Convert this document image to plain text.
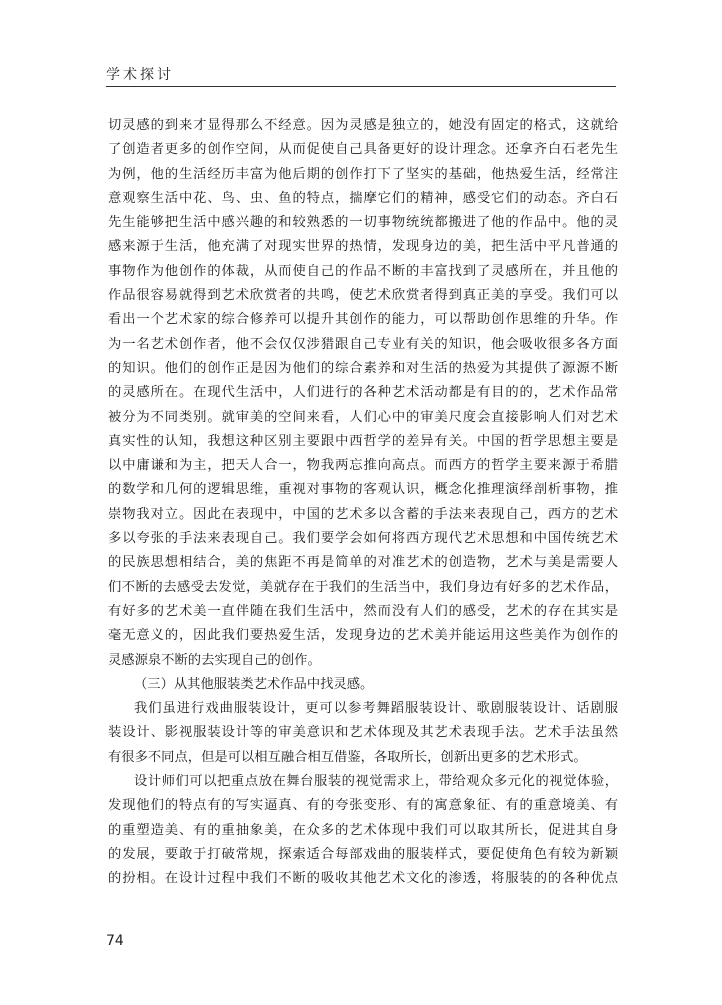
学术探讨
切灵感的到来才显得那么不经意。因为灵感是独立的，她没有固定的格式，这就给
了创造者更多的创作空间，从而促使自己具备更好的设计理念。还拿齐白石老先生
为例，他的生活经历丰富为他后期的创作打下了坚实的基础，他热爱生活，经常注
意观察生活中花、鸟、虫、鱼的特点，揣摩它们的精神，感受它们的动态。齐白石
先生能够把生活中感兴趣的和较熟悉的一切事物统统都搬进了他的作品中。他的灵
感来源于生活，他充满了对现实世界的热情，发现身边的美，把生活中平凡普通的
事物作为他创作的体裁，从而使自己的作品不断的丰富找到了灵感所在，并且他的
作品很容易就得到艺术欣赏者的共鸣，使艺术欣赏者得到真正美的享受。我们可以
看出一个艺术家的综合修养可以提升其创作的能力，可以帮助创作思维的升华。作
为一名艺术创作者，他不会仅仅涉猎跟自己专业有关的知识，他会吸收很多各方面
的知识。他们的创作正是因为他们的综合素养和对生活的热爱为其提供了源源不断
的灵感所在。在现代生活中，人们进行的各种艺术活动都是有目的的，艺术作品常
被分为不同类别。就审美的空间来看，人们心中的审美尺度会直接影响人们对艺术
真实性的认知，我想这种区别主要跟中西哲学的差异有关。中国的哲学思想主要是
以中庸谦和为主，把天人合一，物我两忘推向高点。而西方的哲学主要来源于希腊
的数学和几何的逻辑思维，重视对事物的客观认识，概念化推理演绎剖析事物，推
崇物我对立。因此在表现中，中国的艺术多以含蓄的手法来表现自己，西方的艺术
多以夸张的手法来表现自己。我们要学会如何将西方现代艺术思想和中国传统艺术
的民族思想相结合，美的焦距不再是简单的对准艺术的创造物，艺术与美是需要人
们不断的去感受去发觉，美就存在于我们的生活当中，我们身边有好多的艺术作品，
有好多的艺术美一直伴随在我们生活中，然而没有人们的感受，艺术的存在其实是
毫无意义的，因此我们要热爱生活，发现身边的艺术美并能运用这些美作为创作的
灵感源泉不断的去实现自己的创作。
（三）从其他服装类艺术作品中找灵感。
我们虽进行戏曲服装设计，更可以参考舞蹈服装设计、歌剧服装设计、话剧服
装设计、影视服装设计等的审美意识和艺术体现及其艺术表现手法。艺术手法虽然
有很多不同点，但是可以相互融合相互借鉴，各取所长，创新出更多的艺术形式。
设计师们可以把重点放在舞台服装的视觉需求上，带给观众多元化的视觉体验，
发现他们的特点有的写实逼真、有的夸张变形、有的寓意象征、有的重意境美、有
的重塑造美、有的重抽象美，在众多的艺术体现中我们可以取其所长，促进其自身
的发展，要敢于打破常规，探索适合每部戏曲的服装样式，要促使角色有较为新颖
的扮相。在设计过程中我们不断的吸收其他艺术文化的渗透，将服装的的各种优点
74
